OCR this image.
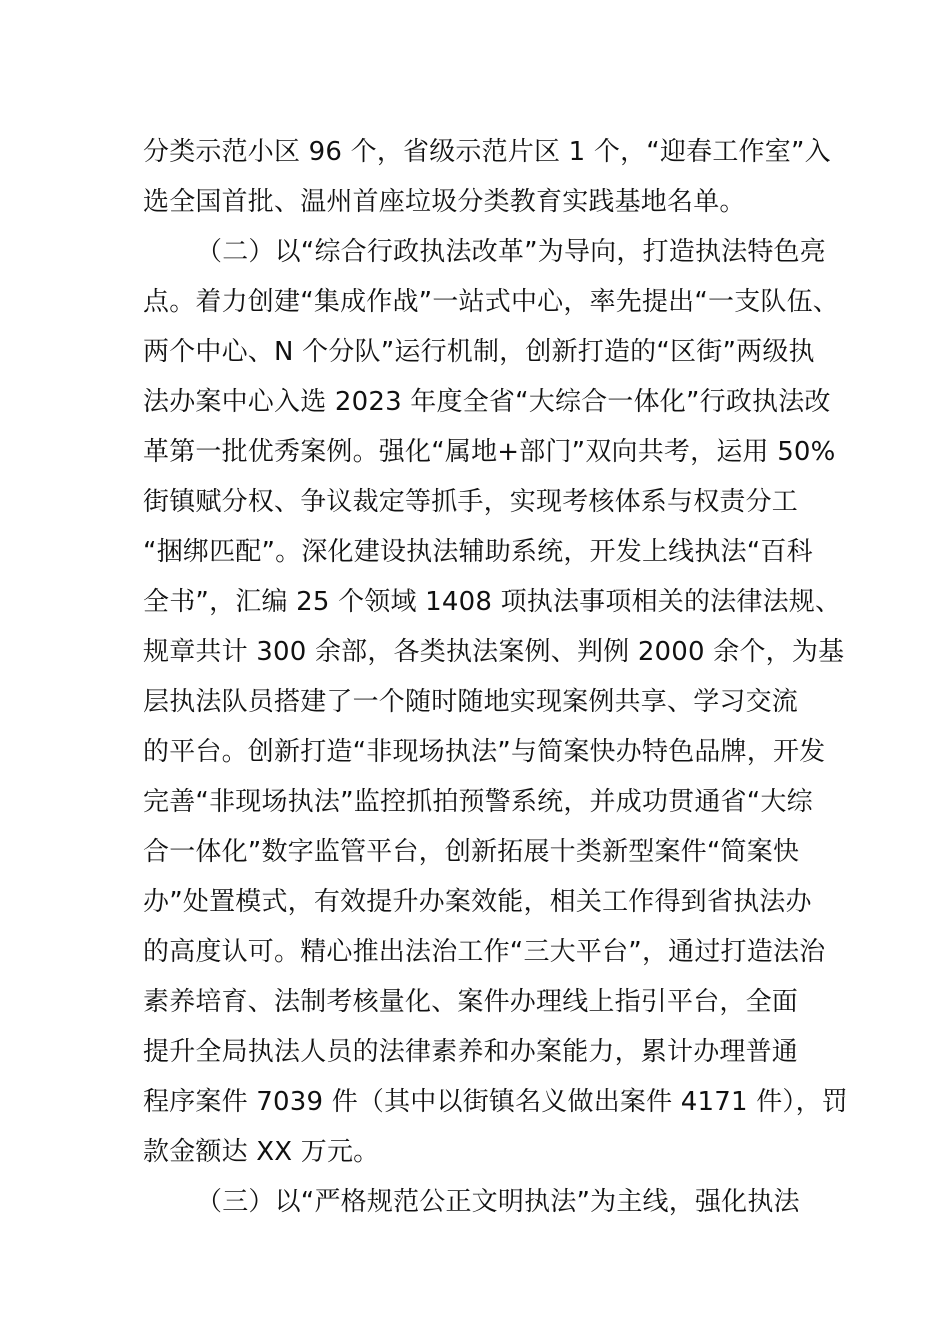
分类示范小区 96 个，省级示范片区 1 个，“迎春工作室”入
选全国首批、温州首座垃圾分类教育实践基地名单。
（二）以“综合行政执法改革”为导向，打造执法特色亮
点。着力创建“集成作战”一站式中心，率先提出“一支队伍、
两个中心、N 个分队”运行机制，创新打造的“区街”两级执
法办案中心入选 2023 年度全省“大综合一体化”行政执法改
革第一批优秀案例。强化“属地+部门”双向共考，运用 50%
街镇赋分权、争议裁定等抓手，实现考核体系与权责分工
“捆绑匹配”。深化建设执法辅助系统，开发上线执法“百科
全书”，汇编 25 个领域 1408 项执法事项相关的法律法规、
规章共计 300 余部，各类执法案例、判例 2000 余个，为基
层执法队员搭建了一个随时随地实现案例共享、学习交流
的平台。创新打造“非现场执法”与简案快办特色品牌，开发
完善“非现场执法”监控抓拍预警系统，并成功贯通省“大综
合一体化”数字监管平台，创新拓展十类新型案件“简案快
办”处置模式，有效提升办案效能，相关工作得到省执法办
的高度认可。精心推出法治工作“三大平台”，通过打造法治
素养培育、法制考核量化、案件办理线上指引平台，全面
提升全局执法人员的法律素养和办案能力，累计办理普通
程序案件 7039 件（其中以街镇名义做出案件 4171 件），罚
款金额达 XX 万元。
（三）以“严格规范公正文明执法”为主线，强化执法
